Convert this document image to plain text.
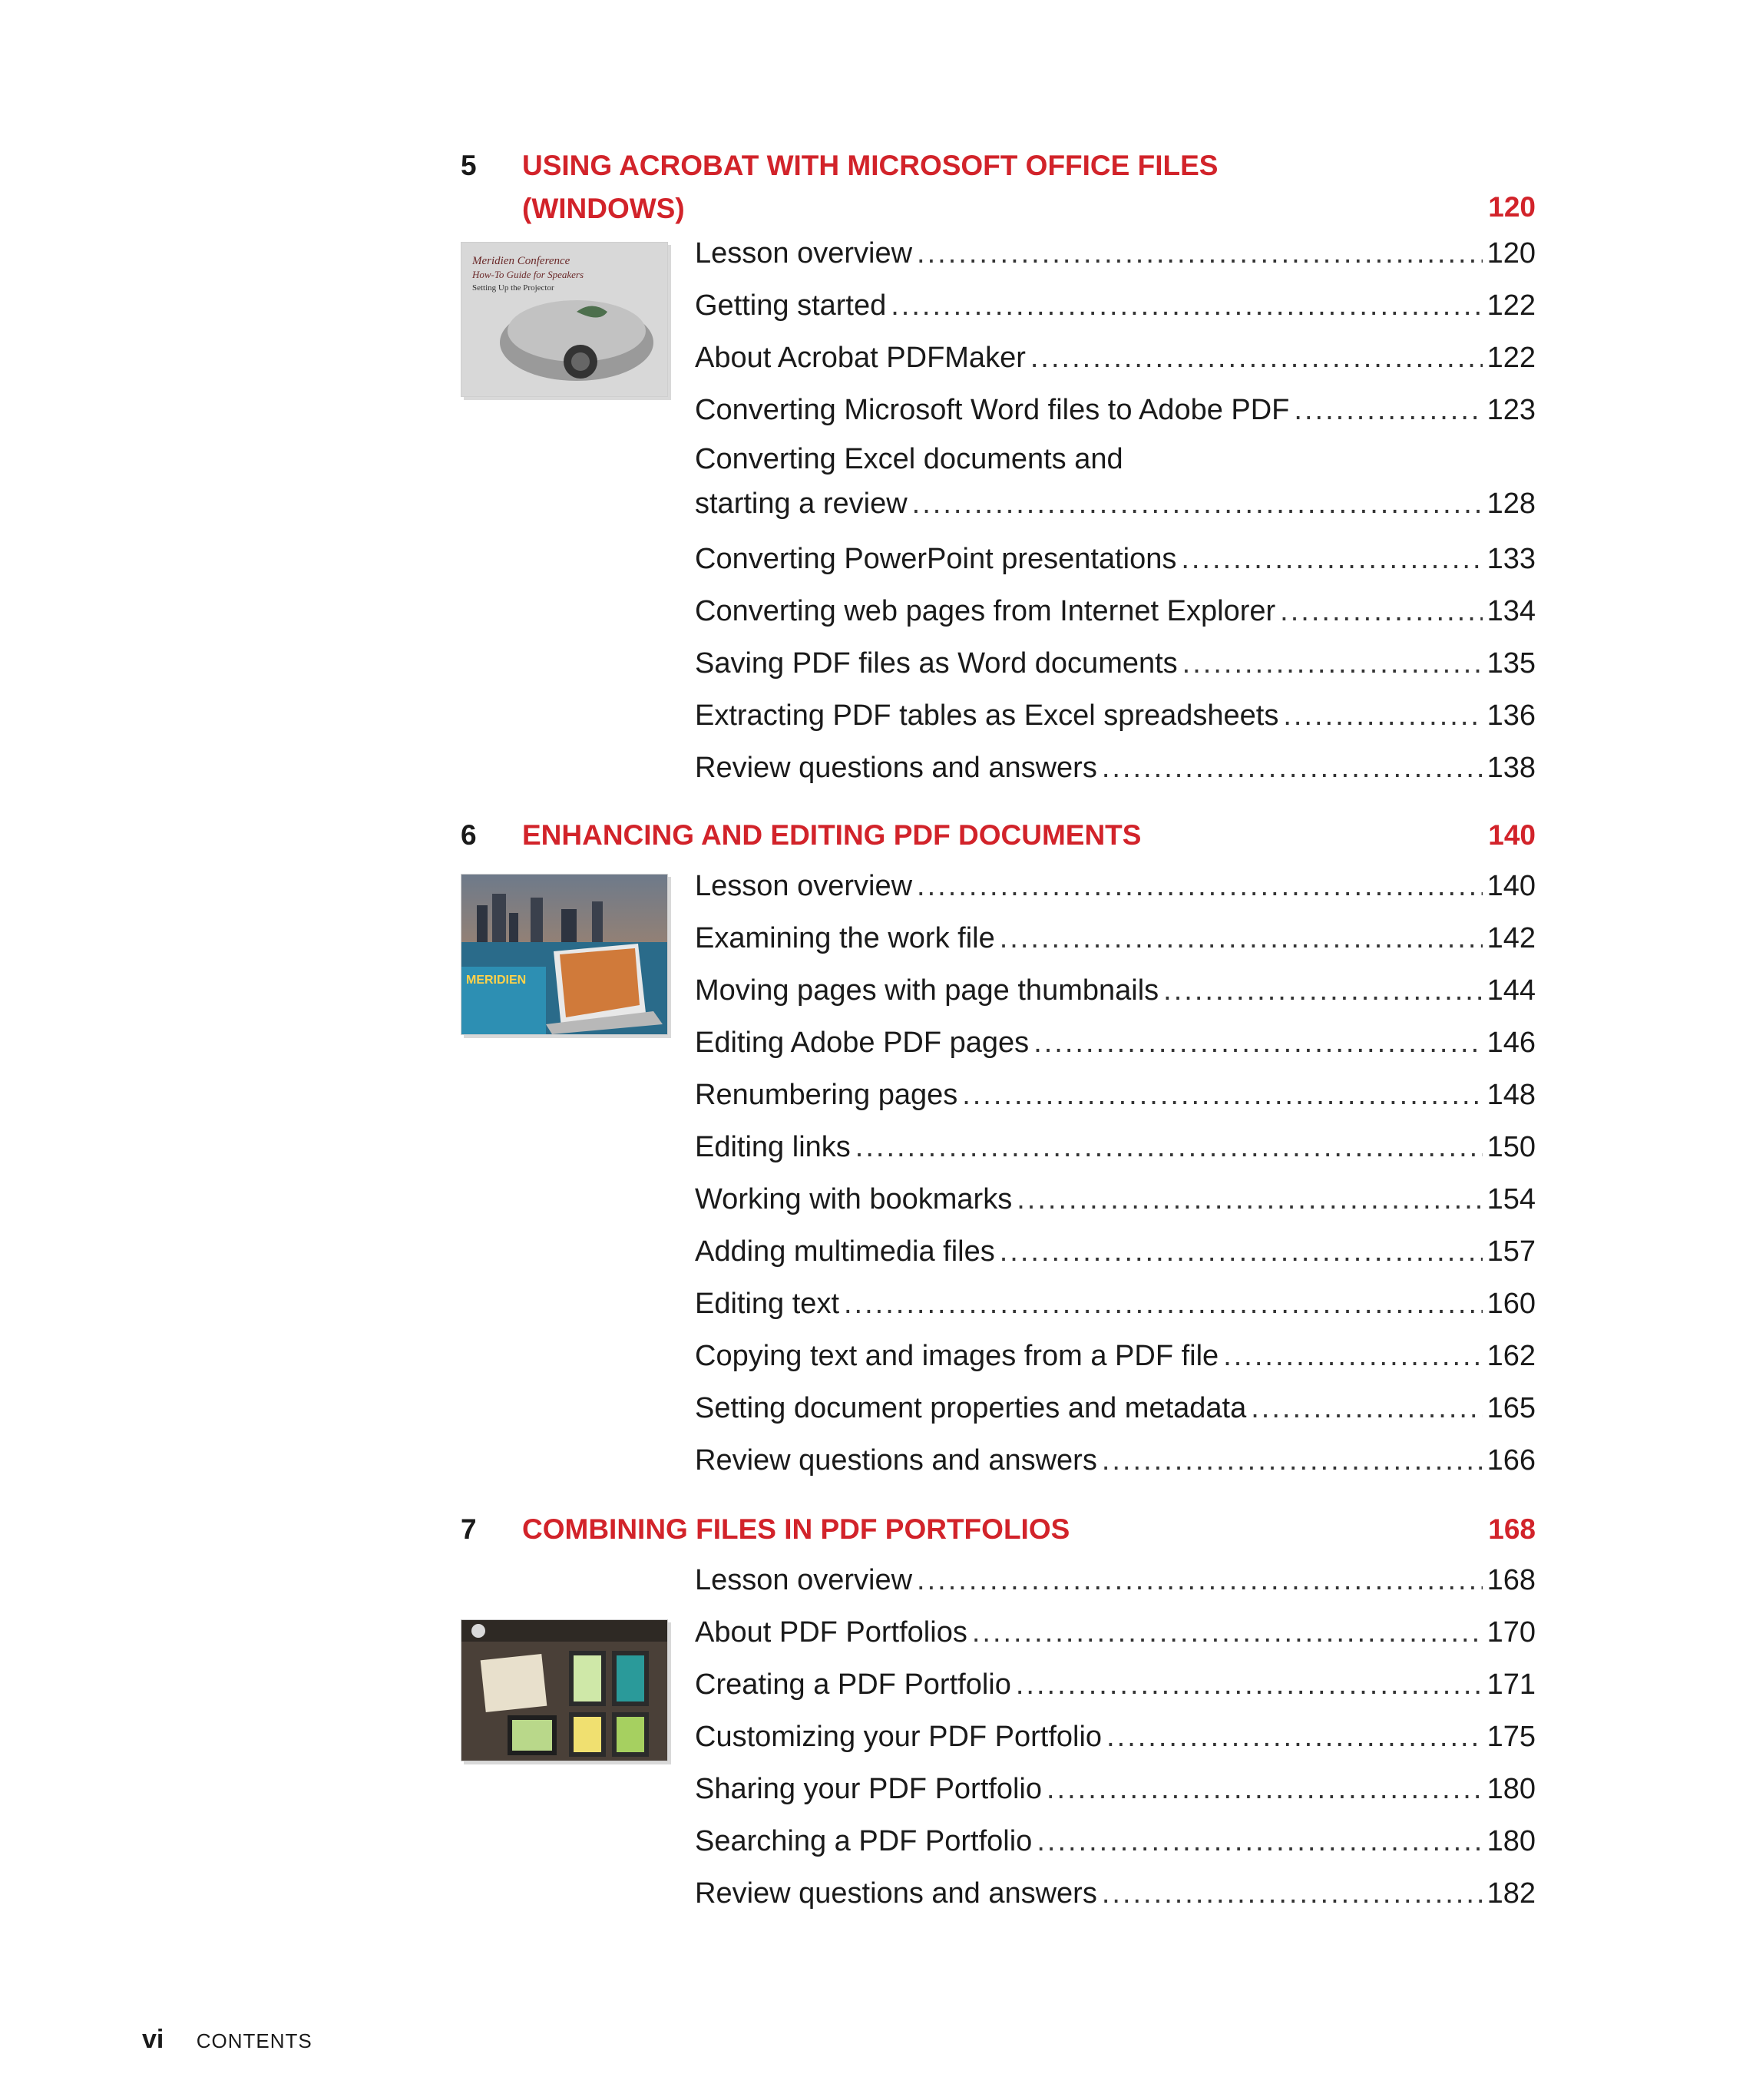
5 USING ACROBAT WITH MICROSOFT OFFICE FILES (WINDOWS)	120
Meridien Conference
How-To Guide for Speakers
Setting Up the Projector
Lesson overview .....	120
Getting started .....	122
About Acrobat PDFMaker .....	122
Converting Microsoft Word files to Adobe PDF .....	123
Converting Excel documents and
starting a review .....	128
Converting PowerPoint presentations .....	133
Converting web pages from Internet Explorer .....	134
Saving PDF files as Word documents .....	135
Extracting PDF tables as Excel spreadsheets .....	136
Review questions and answers .....	138
6 ENHANCING AND EDITING PDF DOCUMENTS	140
MERIDIEN
Lesson overview .....	140
Examining the work file .....	142
Moving pages with page thumbnails .....	144
Editing Adobe PDF pages .....	146
Renumbering pages .....	148
Editing links .....	150
Working with bookmarks .....	154
Adding multimedia files .....	157
Editing text .....	160
Copying text and images from a PDF file .....	162
Setting document properties and metadata .....	165
Review questions and answers .....	166
7 COMBINING FILES IN PDF PORTFOLIOS	168
Lesson overview .....	168
About PDF Portfolios .....	170
Creating a PDF Portfolio .....	171
Customizing your PDF Portfolio .....	175
Sharing your PDF Portfolio .....	180
Searching a PDF Portfolio .....	180
Review questions and answers .....	182
vi CONTENTS
